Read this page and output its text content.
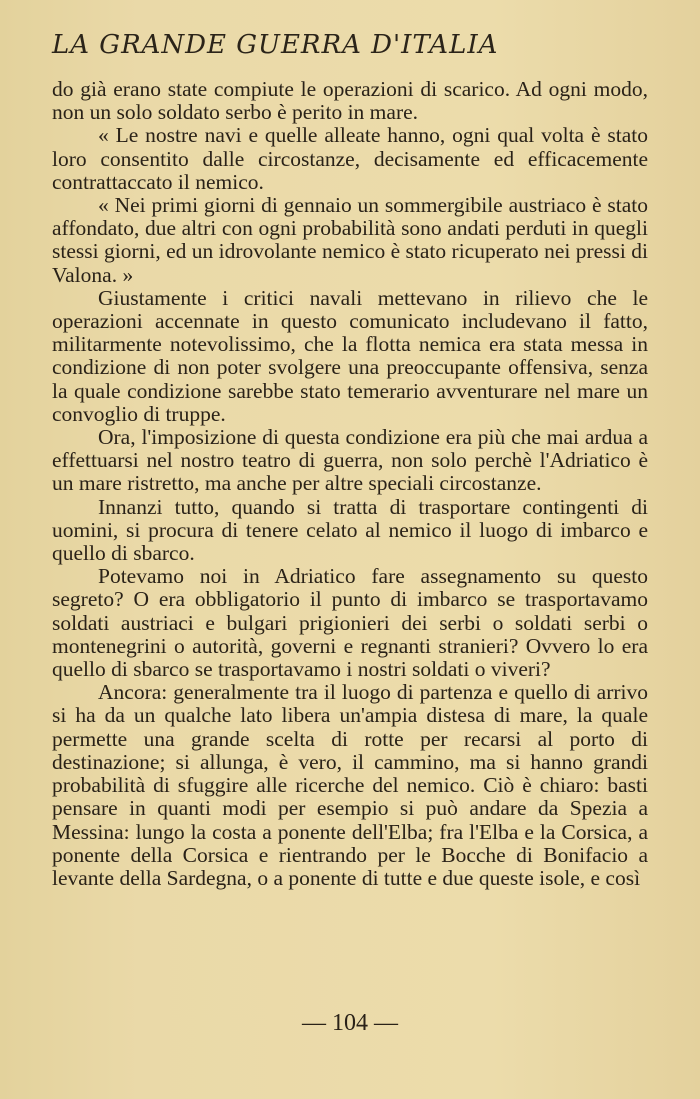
LA GRANDE GUERRA D'ITALIA

do già erano state compiute le operazioni di scarico. Ad ogni modo, non un solo soldato serbo è perito in mare.

« Le nostre navi e quelle alleate hanno, ogni qual volta è stato loro consentito dalle circostanze, decisamente ed efficacemente contrattaccato il nemico.

« Nei primi giorni di gennaio un sommergibile austriaco è stato affondato, due altri con ogni probabilità sono andati perduti in quegli stessi giorni, ed un idrovolante nemico è stato ricuperato nei pressi di Valona. »

Giustamente i critici navali mettevano in rilievo che le operazioni accennate in questo comunicato includevano il fatto, militarmente notevolissimo, che la flotta nemica era stata messa in condizione di non poter svolgere una preoccupante offensiva, senza la quale condizione sarebbe stato temerario avventurare nel mare un convoglio di truppe.

Ora, l'imposizione di questa condizione era più che mai ardua a effettuarsi nel nostro teatro di guerra, non solo perchè l'Adriatico è un mare ristretto, ma anche per altre speciali circostanze.

Innanzi tutto, quando si tratta di trasportare contingenti di uomini, si procura di tenere celato al nemico il luogo di imbarco e quello di sbarco.

Potevamo noi in Adriatico fare assegnamento su questo segreto? O era obbligatorio il punto di imbarco se trasportavamo soldati austriaci e bulgari prigionieri dei serbi o soldati serbi o montenegrini o autorità, governi e regnanti stranieri? Ovvero lo era quello di sbarco se trasportavamo i nostri soldati o viveri?

Ancora: generalmente tra il luogo di partenza e quello di arrivo si ha da un qualche lato libera un'ampia distesa di mare, la quale permette una grande scelta di rotte per recarsi al porto di destinazione; si allunga, è vero, il cammino, ma si hanno grandi probabilità di sfuggire alle ricerche del nemico. Ciò è chiaro: basti pensare in quanti modi per esempio si può andare da Spezia a Messina: lungo la costa a ponente dell'Elba; fra l'Elba e la Corsica, a ponente della Corsica e rientrando per le Bocche di Bonifacio a levante della Sardegna, o a ponente di tutte e due queste isole, e così

— 104 —
